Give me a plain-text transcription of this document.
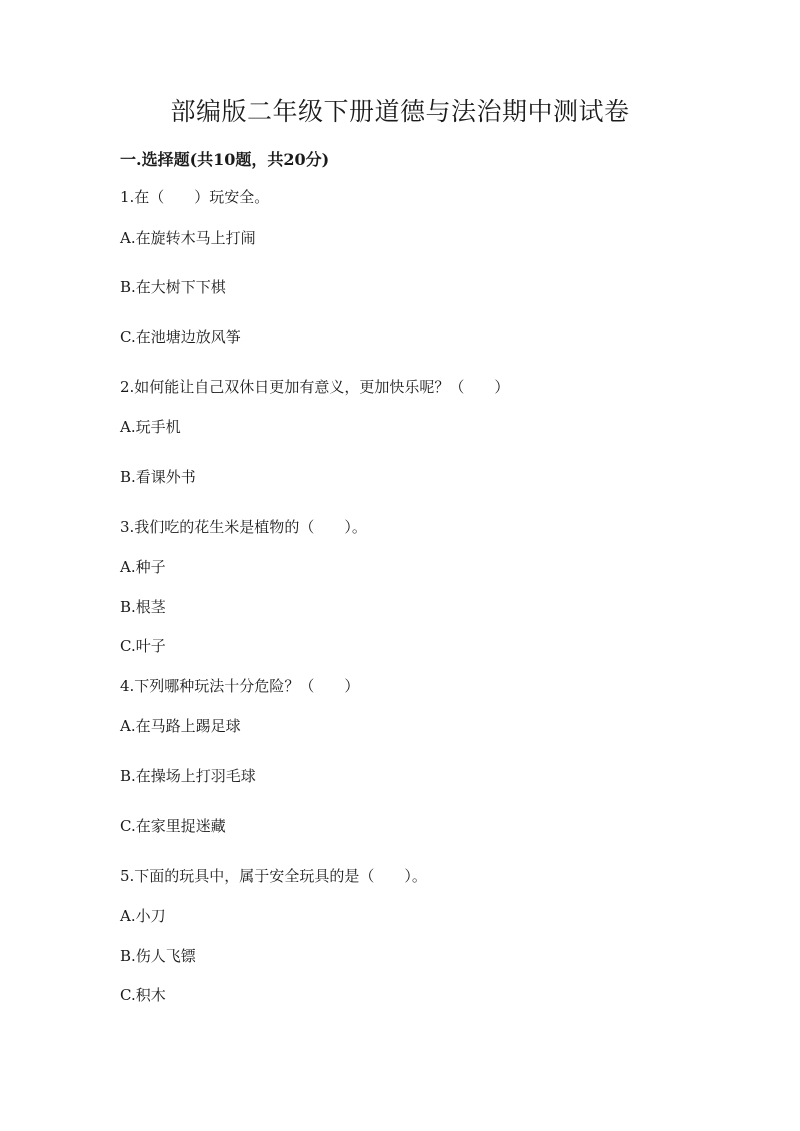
部编版二年级下册道德与法治期中测试卷
一.选择题(共10题，共20分)
1.在（　　）玩安全。
A.在旋转木马上打闹
B.在大树下下棋
C.在池塘边放风筝
2.如何能让自己双休日更加有意义，更加快乐呢？（　　）
A.玩手机
B.看课外书
3.我们吃的花生米是植物的（　　）。
A.种子
B.根茎
C.叶子
4.下列哪种玩法十分危险？（　　）
A.在马路上踢足球
B.在操场上打羽毛球
C.在家里捉迷藏
5.下面的玩具中，属于安全玩具的是（　　）。
A.小刀
B.伤人飞镖
C.积木
